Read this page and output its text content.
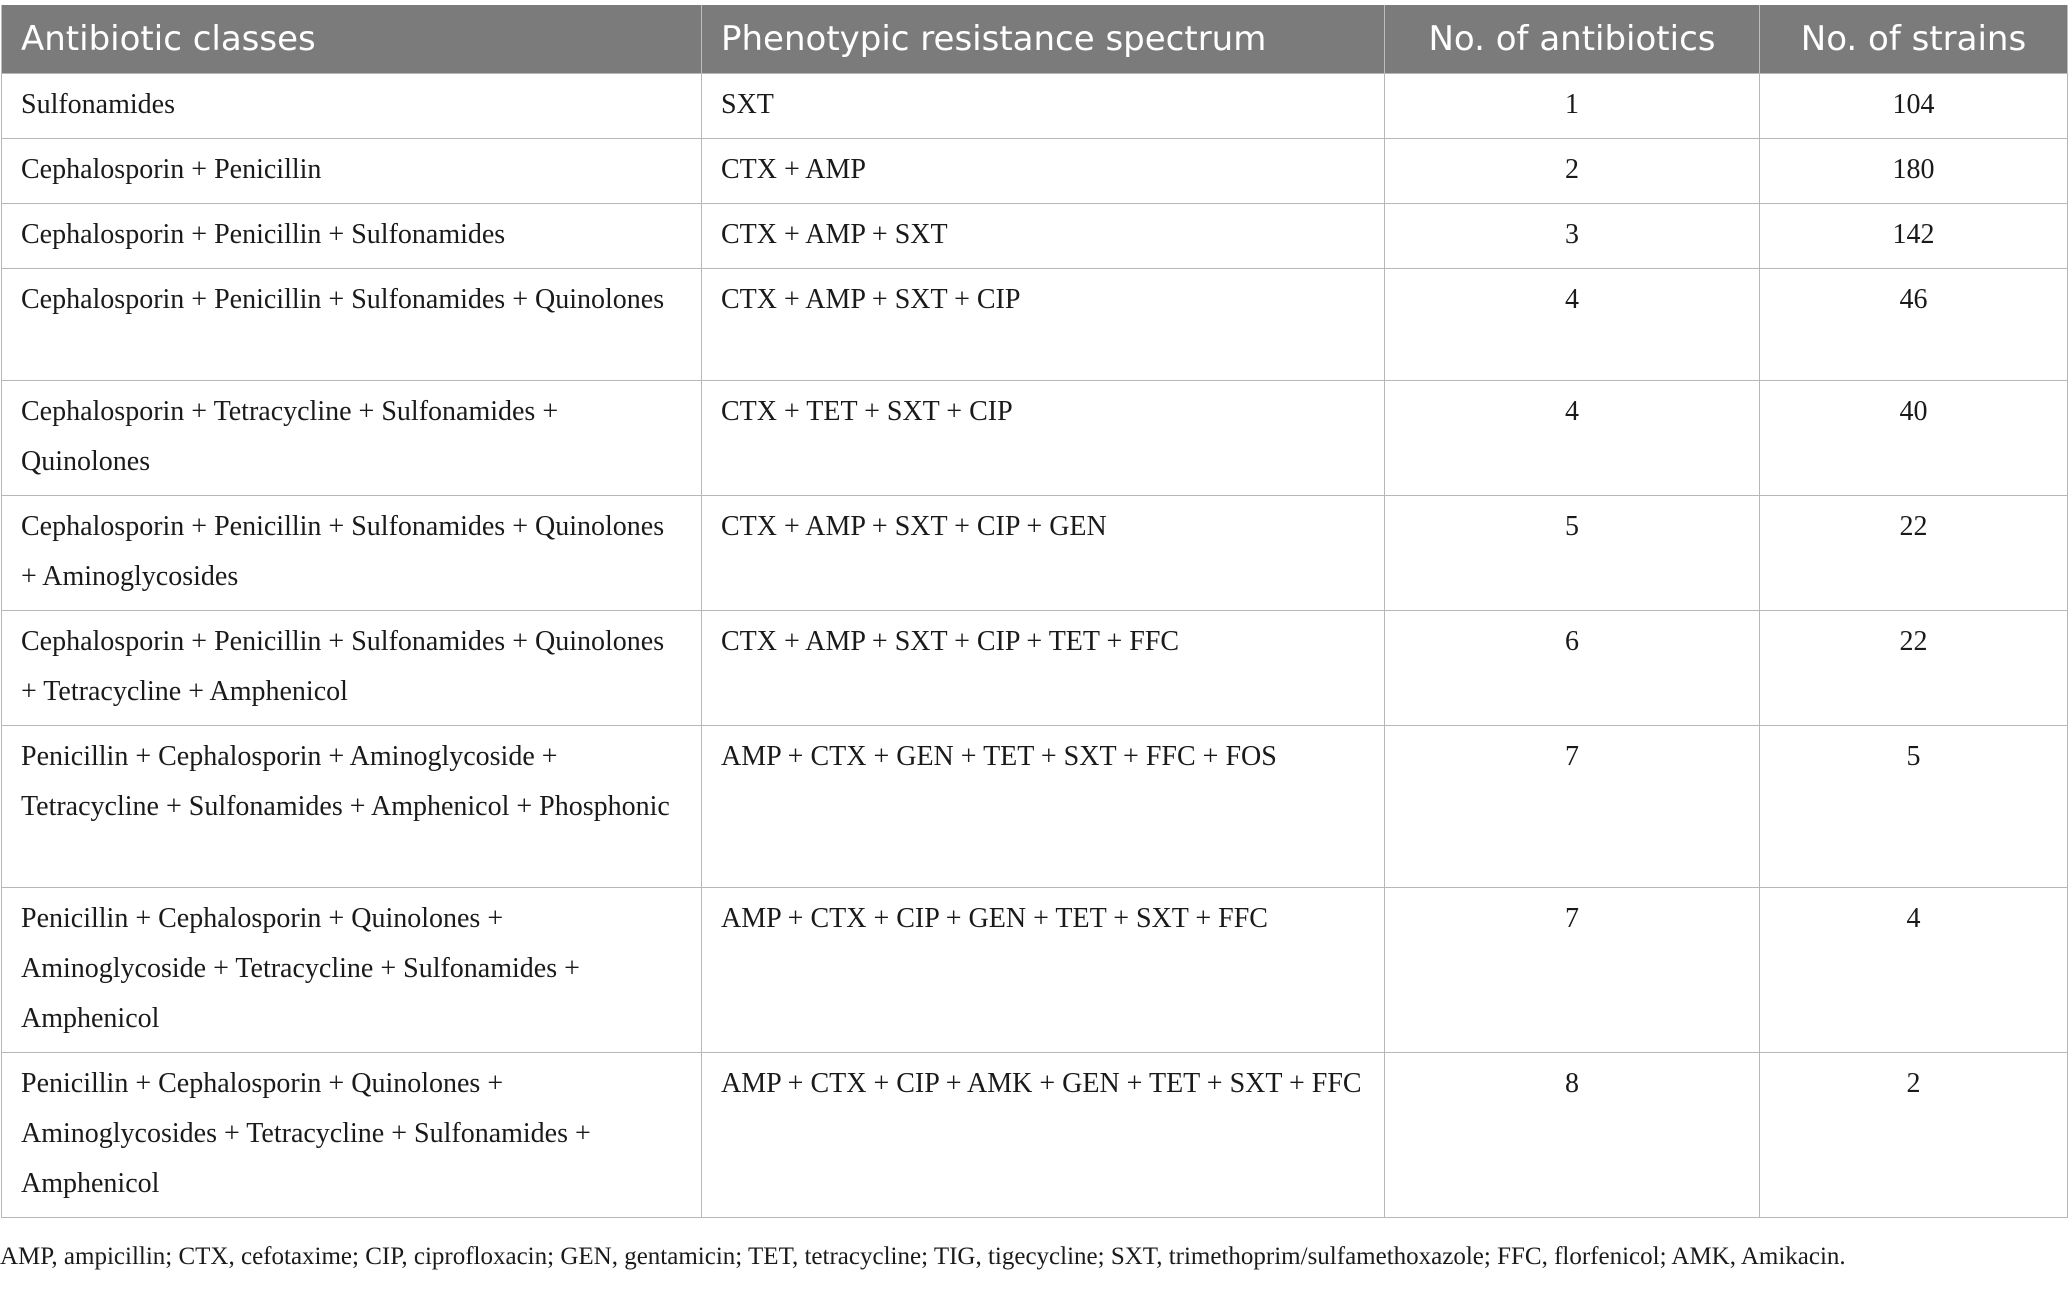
Antibiotic classes	Phenotypic resistance spectrum	No. of antibiotics	No. of strains
Sulfonamides	SXT	1	104
Cephalosporin + Penicillin	CTX + AMP	2	180
Cephalosporin + Penicillin + Sulfonamides	CTX + AMP + SXT	3	142
Cephalosporin + Penicillin + Sulfonamides + Quinolones	CTX + AMP + SXT + CIP	4	46
Cephalosporin + Tetracycline + Sulfonamides + Quinolones	CTX + TET + SXT + CIP	4	40
Cephalosporin + Penicillin + Sulfonamides + Quinolones + Aminoglycosides	CTX + AMP + SXT + CIP + GEN	5	22
Cephalosporin + Penicillin + Sulfonamides + Quinolones + Tetracycline + Amphenicol	CTX + AMP + SXT + CIP + TET + FFC	6	22
Penicillin + Cephalosporin + Aminoglycoside + Tetracycline + Sulfonamides + Amphenicol + Phosphonic	AMP + CTX + GEN + TET + SXT + FFC + FOS	7	5
Penicillin + Cephalosporin + Quinolones + Aminoglycoside + Tetracycline + Sulfonamides + Amphenicol	AMP + CTX + CIP + GEN + TET + SXT + FFC	7	4
Penicillin + Cephalosporin + Quinolones + Aminoglycosides + Tetracycline + Sulfonamides + Amphenicol	AMP + CTX + CIP + AMK + GEN + TET + SXT + FFC	8	2
AMP, ampicillin; CTX, cefotaxime; CIP, ciprofloxacin; GEN, gentamicin; TET, tetracycline; TIG, tigecycline; SXT, trimethoprim/sulfamethoxazole; FFC, florfenicol; AMK, Amikacin.
